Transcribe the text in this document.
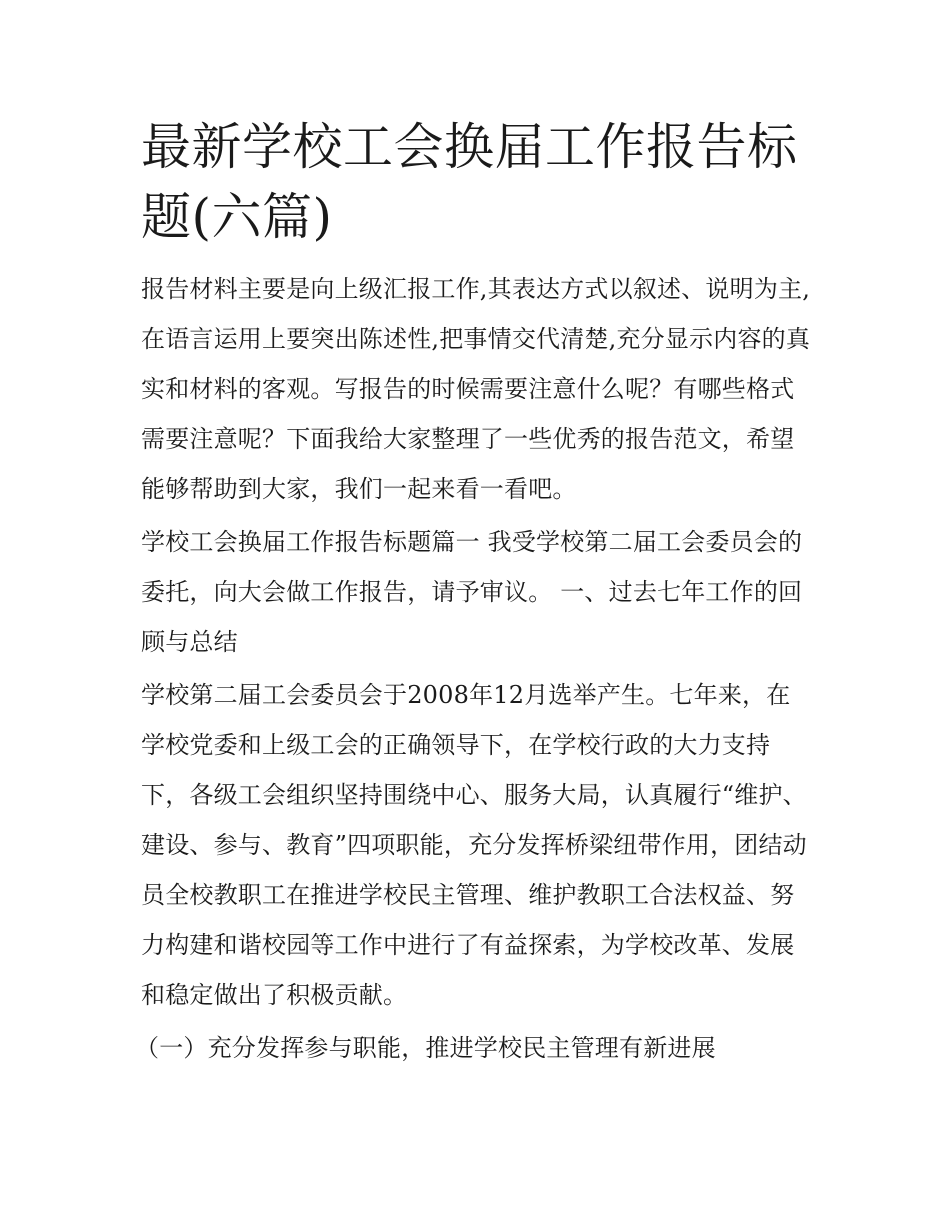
最新学校工会换届工作报告标题(六篇)

报告材料主要是向上级汇报工作,其表达方式以叙述、说明为主,在语言运用上要突出陈述性,把事情交代清楚,充分显示内容的真实和材料的客观。写报告的时候需要注意什么呢？有哪些格式需要注意呢？下面我给大家整理了一些优秀的报告范文，希望能够帮助到大家，我们一起来看一看吧。

学校工会换届工作报告标题篇一 我受学校第二届工会委员会的委托，向大会做工作报告，请予审议。 一、过去七年工作的回顾与总结

学校第二届工会委员会于2008年12月选举产生。七年来，在学校党委和上级工会的正确领导下，在学校行政的大力支持下，各级工会组织坚持围绕中心、服务大局，认真履行“维护、建设、参与、教育”四项职能，充分发挥桥梁纽带作用，团结动员全校教职工在推进学校民主管理、维护教职工合法权益、努力构建和谐校园等工作中进行了有益探索，为学校改革、发展和稳定做出了积极贡献。

（一）充分发挥参与职能，推进学校民主管理有新进展
